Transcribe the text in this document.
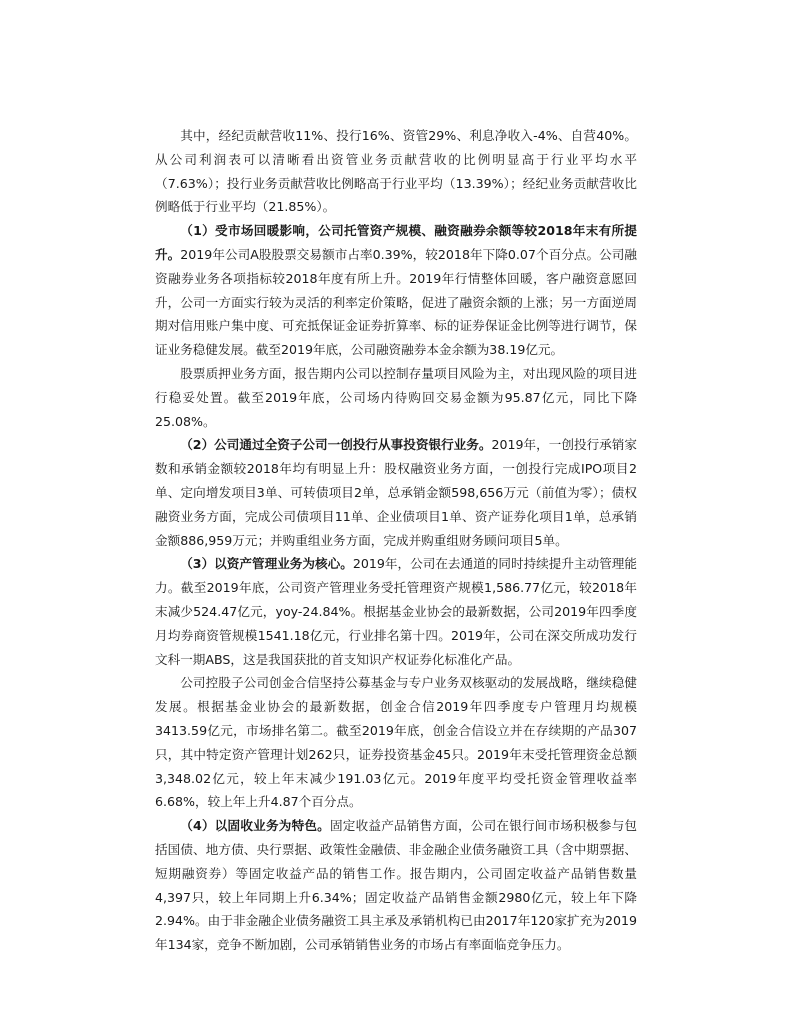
其中，经纪贡献营收11%、投行16%、资管29%、利息净收入-4%、自营40%。从公司利润表可以清晰看出资管业务贡献营收的比例明显高于行业平均水平（7.63%）；投行业务贡献营收比例略高于行业平均（13.39%）；经纪业务贡献营收比例略低于行业平均（21.85%）。

（1）受市场回暖影响，公司托管资产规模、融资融券余额等较2018年末有所提升。2019年公司A股股票交易额市占率0.39%，较2018年下降0.07个百分点。公司融资融券业务各项指标较2018年度有所上升。2019年行情整体回暖，客户融资意愿回升，公司一方面实行较为灵活的利率定价策略，促进了融资余额的上涨；另一方面逆周期对信用账户集中度、可充抵保证金证券折算率、标的证券保证金比例等进行调节，保证业务稳健发展。截至2019年底，公司融资融券本金余额为38.19亿元。

股票质押业务方面，报告期内公司以控制存量项目风险为主，对出现风险的项目进行稳妥处置。截至2019年底，公司场内待购回交易金额为95.87亿元，同比下降25.08%。

（2）公司通过全资子公司一创投行从事投资银行业务。2019年，一创投行承销家数和承销金额较2018年均有明显上升：股权融资业务方面，一创投行完成IPO项目2单、定向增发项目3单、可转债项目2单，总承销金额598,656万元（前值为零）；债权融资业务方面，完成公司债项目11单、企业债项目1单、资产证券化项目1单，总承销金额886,959万元；并购重组业务方面，完成并购重组财务顾问项目5单。

（3）以资产管理业务为核心。2019年，公司在去通道的同时持续提升主动管理能力。截至2019年底，公司资产管理业务受托管理资产规模1,586.77亿元，较2018年末减少524.47亿元，yoy-24.84%。根据基金业协会的最新数据，公司2019年四季度月均券商资管规模1541.18亿元，行业排名第十四。2019年，公司在深交所成功发行文科一期ABS，这是我国获批的首支知识产权证券化标准化产品。

公司控股子公司创金合信坚持公募基金与专户业务双核驱动的发展战略，继续稳健发展。根据基金业协会的最新数据，创金合信2019年四季度专户管理月均规模3413.59亿元，市场排名第二。截至2019年底，创金合信设立并在存续期的产品307只，其中特定资产管理计划262只，证券投资基金45只。2019年末受托管理资金总额3,348.02亿元，较上年末减少191.03亿元。2019年度平均受托资金管理收益率6.68%，较上年上升4.87个百分点。

（4）以固收业务为特色。固定收益产品销售方面，公司在银行间市场积极参与包括国债、地方债、央行票据、政策性金融债、非金融企业债务融资工具（含中期票据、短期融资券）等固定收益产品的销售工作。报告期内，公司固定收益产品销售数量4,397只，较上年同期上升6.34%；固定收益产品销售金额2980亿元，较上年下降2.94%。由于非金融企业债务融资工具主承及承销机构已由2017年120家扩充为2019年134家，竞争不断加剧，公司承销销售业务的市场占有率面临竞争压力。
